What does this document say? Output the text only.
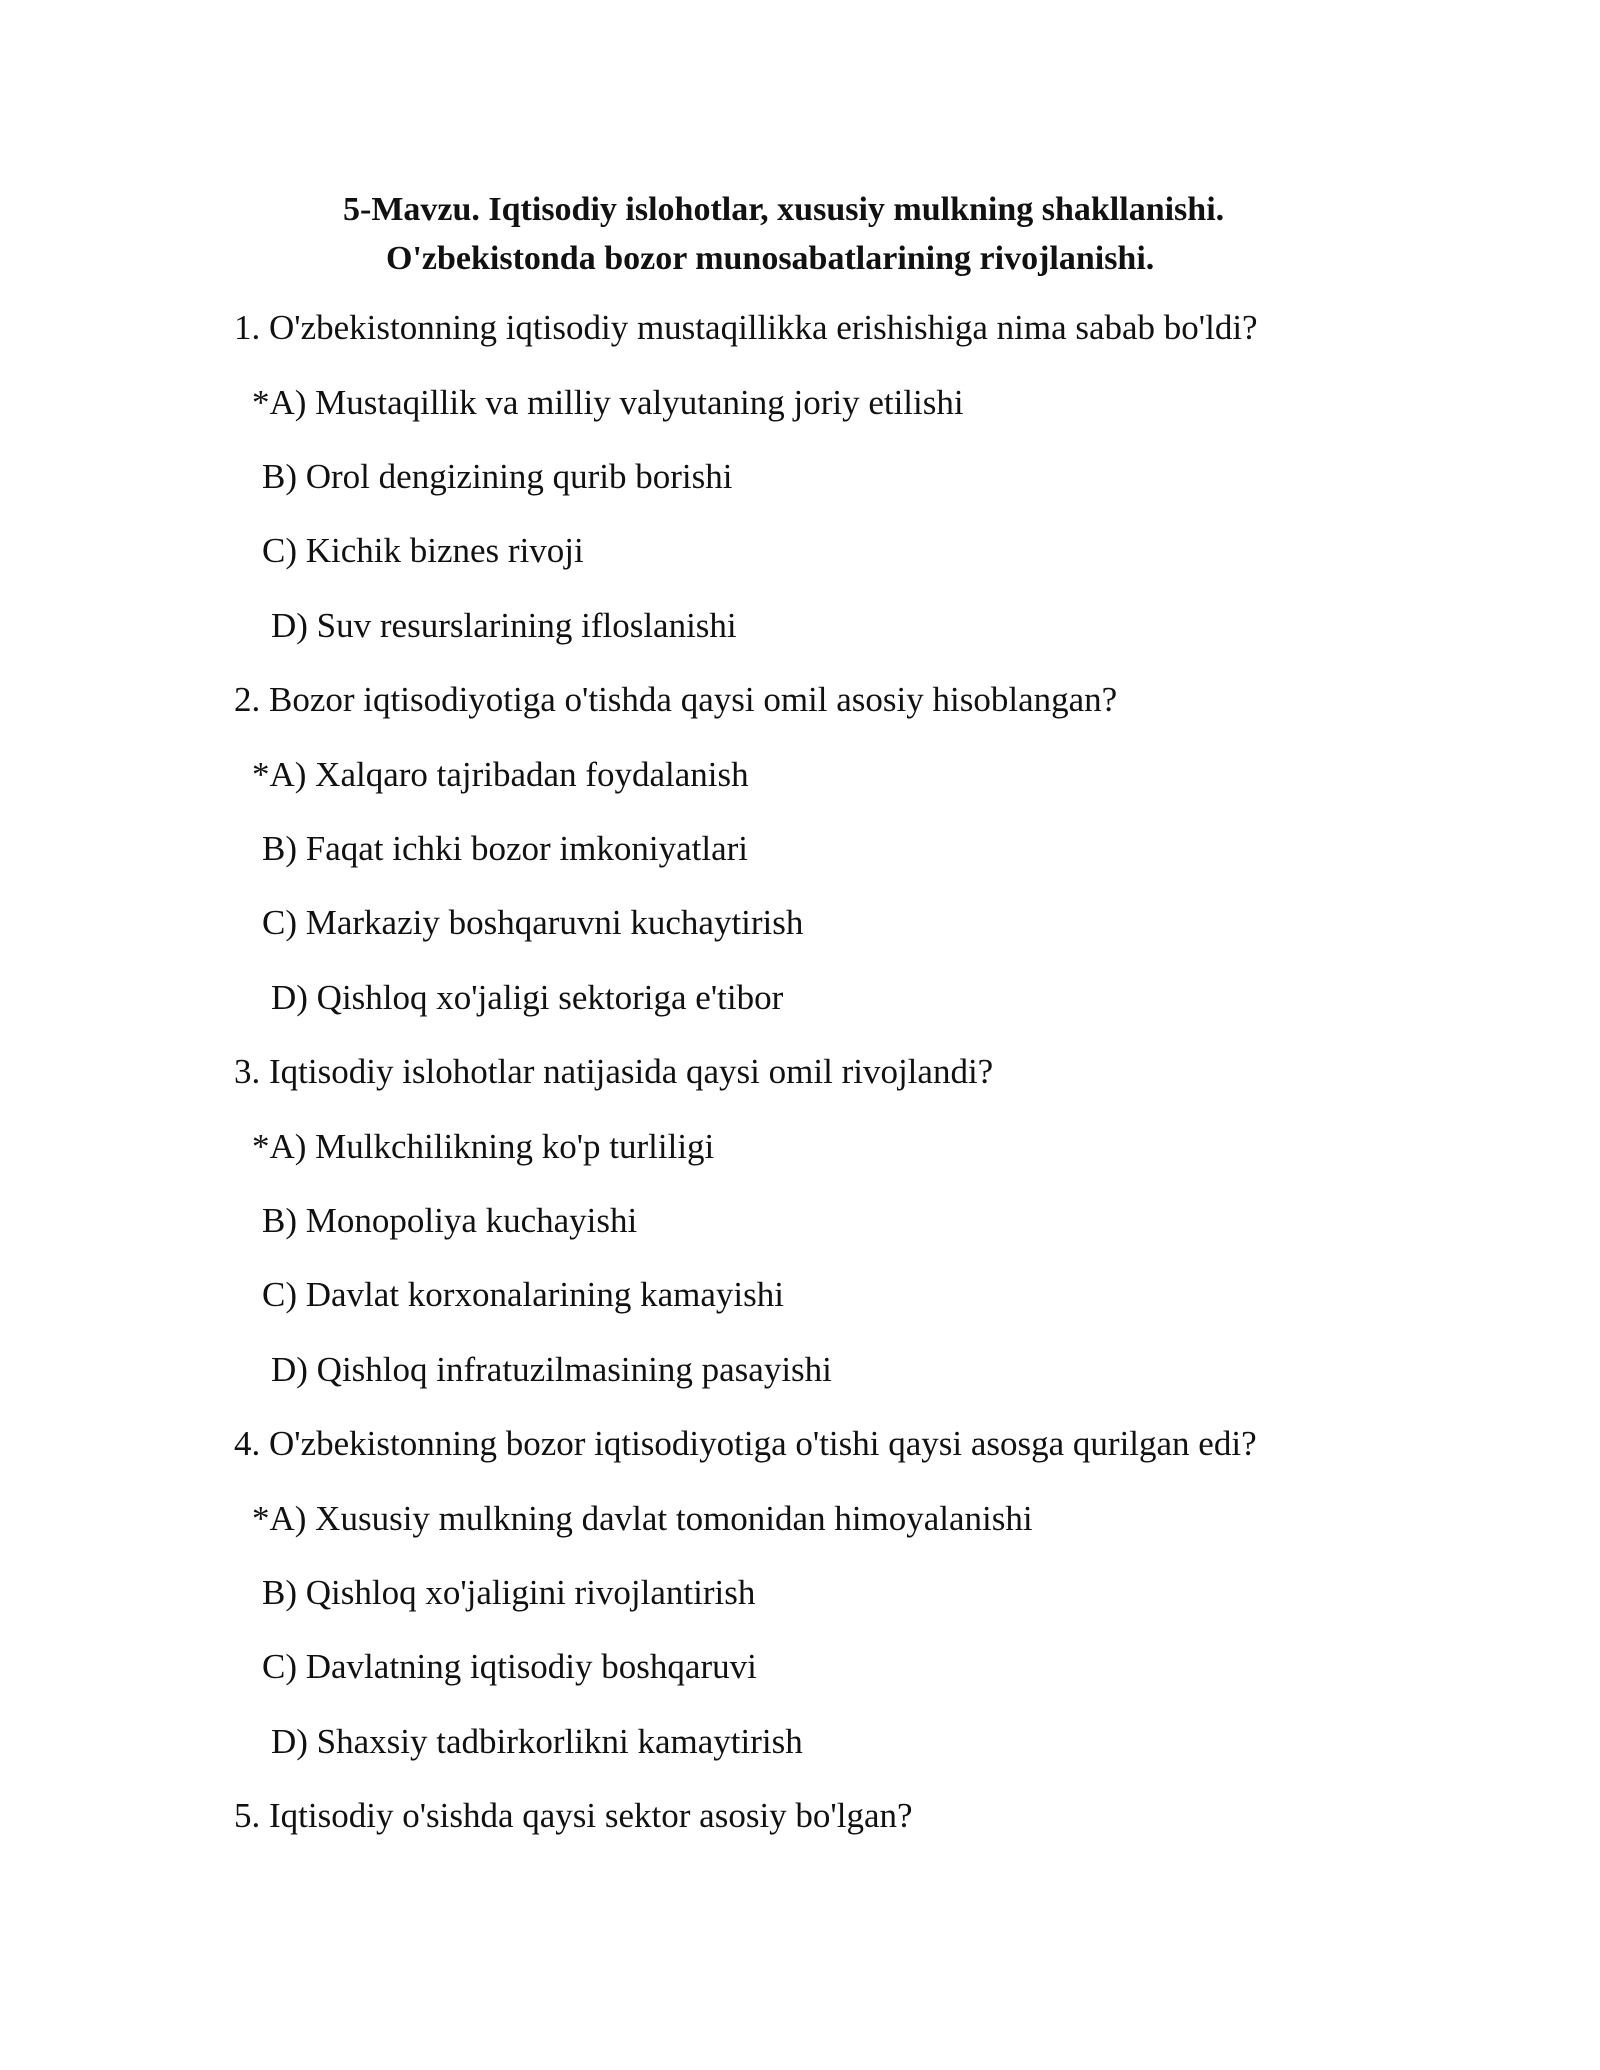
5-Mavzu. Iqtisodiy islohotlar, xususiy mulkning shakllanishi.
O'zbekistonda bozor munosabatlarining rivojlanishi.
1. O'zbekistonning iqtisodiy mustaqillikka erishishiga nima sabab bo'ldi?
*A) Mustaqillik va milliy valyutaning joriy etilishi
B) Orol dengizining qurib borishi
C) Kichik biznes rivoji
D) Suv resurslarining ifloslanishi
2. Bozor iqtisodiyotiga o'tishda qaysi omil asosiy hisoblangan?
*A) Xalqaro tajribadan foydalanish
B) Faqat ichki bozor imkoniyatlari
C) Markaziy boshqaruvni kuchaytirish
D) Qishloq xo'jaligi sektoriga e'tibor
3. Iqtisodiy islohotlar natijasida qaysi omil rivojlandi?
*A) Mulkchilikning ko'p turliligi
B) Monopoliya kuchayishi
C) Davlat korxonalarining kamayishi
D) Qishloq infratuzilmasining pasayishi
4. O'zbekistonning bozor iqtisodiyotiga o'tishi qaysi asosga qurilgan edi?
*A) Xususiy mulkning davlat tomonidan himoyalanishi
B) Qishloq xo'jaligini rivojlantirish
C) Davlatning iqtisodiy boshqaruvi
D) Shaxsiy tadbirkorlikni kamaytirish
5. Iqtisodiy o'sishda qaysi sektor asosiy bo'lgan?
